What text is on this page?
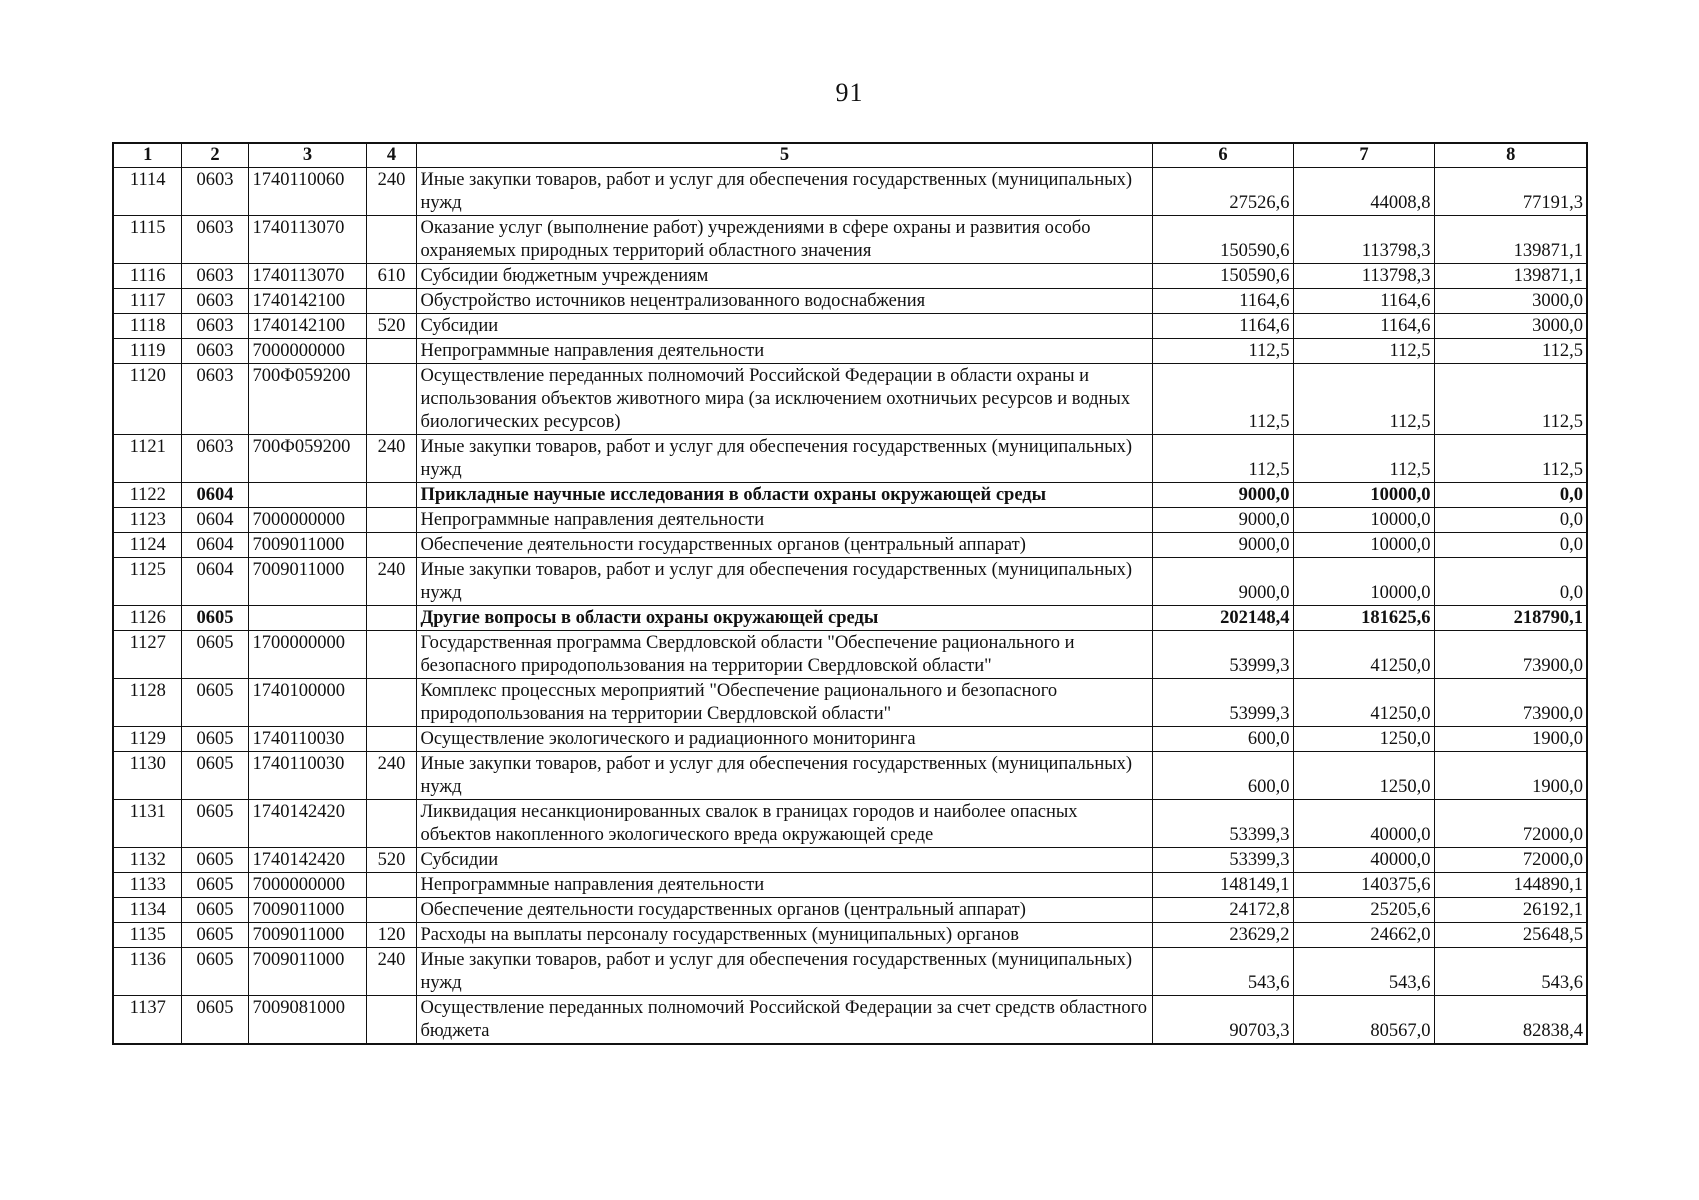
91
1	2	3	4	5	6	7	8
1114	0603	1740110060	240	Иные закупки товаров, работ и услуг для обеспечения государственных (муниципальных) нужд	27526,6	44008,8	77191,3
1115	0603	1740113070		Оказание услуг (выполнение работ) учреждениями в сфере охраны и развития особо охраняемых природных территорий областного значения	150590,6	113798,3	139871,1
1116	0603	1740113070	610	Субсидии бюджетным учреждениям	150590,6	113798,3	139871,1
1117	0603	1740142100		Обустройство источников нецентрализованного водоснабжения	1164,6	1164,6	3000,0
1118	0603	1740142100	520	Субсидии	1164,6	1164,6	3000,0
1119	0603	7000000000		Непрограммные направления деятельности	112,5	112,5	112,5
1120	0603	700Ф059200		Осуществление переданных полномочий Российской Федерации в области охраны и использования объектов животного мира (за исключением охотничьих ресурсов и водных биологических ресурсов)	112,5	112,5	112,5
1121	0603	700Ф059200	240	Иные закупки товаров, работ и услуг для обеспечения государственных (муниципальных) нужд	112,5	112,5	112,5
1122	0604			Прикладные научные исследования в области охраны окружающей среды	9000,0	10000,0	0,0
1123	0604	7000000000		Непрограммные направления деятельности	9000,0	10000,0	0,0
1124	0604	7009011000		Обеспечение деятельности государственных органов (центральный аппарат)	9000,0	10000,0	0,0
1125	0604	7009011000	240	Иные закупки товаров, работ и услуг для обеспечения государственных (муниципальных) нужд	9000,0	10000,0	0,0
1126	0605			Другие вопросы в области охраны окружающей среды	202148,4	181625,6	218790,1
1127	0605	1700000000		Государственная программа Свердловской области "Обеспечение рационального и безопасного природопользования на территории Свердловской области"	53999,3	41250,0	73900,0
1128	0605	1740100000		Комплекс процессных мероприятий "Обеспечение рационального и безопасного природопользования на территории Свердловской области"	53999,3	41250,0	73900,0
1129	0605	1740110030		Осуществление экологического и радиационного мониторинга	600,0	1250,0	1900,0
1130	0605	1740110030	240	Иные закупки товаров, работ и услуг для обеспечения государственных (муниципальных) нужд	600,0	1250,0	1900,0
1131	0605	1740142420		Ликвидация несанкционированных свалок в границах городов и наиболее опасных объектов накопленного экологического вреда окружающей среде	53399,3	40000,0	72000,0
1132	0605	1740142420	520	Субсидии	53399,3	40000,0	72000,0
1133	0605	7000000000		Непрограммные направления деятельности	148149,1	140375,6	144890,1
1134	0605	7009011000		Обеспечение деятельности государственных органов (центральный аппарат)	24172,8	25205,6	26192,1
1135	0605	7009011000	120	Расходы на выплаты персоналу государственных (муниципальных) органов	23629,2	24662,0	25648,5
1136	0605	7009011000	240	Иные закупки товаров, работ и услуг для обеспечения государственных (муниципальных) нужд	543,6	543,6	543,6
1137	0605	7009081000		Осуществление переданных полномочий Российской Федерации за счет средств областного бюджета	90703,3	80567,0	82838,4
